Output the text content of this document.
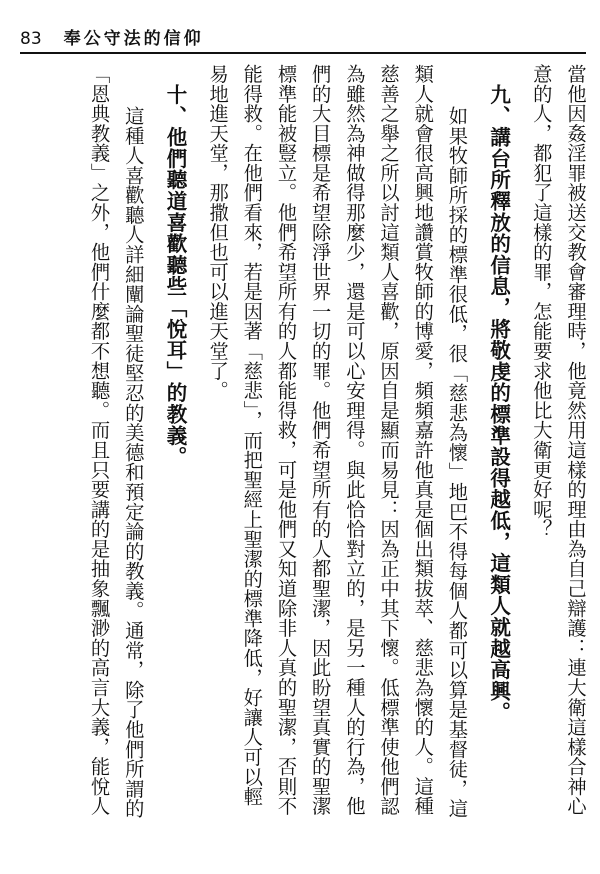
83 奉公守法的信仰
當他因姦淫罪被送交教會審理時，他竟然用這樣的理由為自己辯護：連大衛這樣合神心
意的人，都犯了這樣的罪，怎能要求他比大衛更好呢？
九、講台所釋放的信息，將敬虔的標準設得越低，這類人就越高興。
如果牧師所採的標準很低，很「慈悲為懷」地巴不得每個人都可以算是基督徒，這
類人就會很高興地讚賞牧師的博愛，頻頻嘉許他真是個出類拔萃、慈悲為懷的人。這種
慈善之舉之所以討這類人喜歡，原因自是顯而易見：因為正中其下懷。低標準使他們認
為雖然為神做得那麼少，還是可以心安理得。與此恰恰對立的，是另一種人的行為，他
們的大目標是希望除淨世界一切的罪。他們希望所有的人都聖潔，因此盼望真實的聖潔
標準能被豎立。他們希望所有的人都能得救，可是他們又知道除非人真的聖潔，否則不
能得救。在他們看來，若是因著「慈悲」，而把聖經上聖潔的標準降低，好讓人可以輕
易地進天堂，那撒但也可以進天堂了。
十、他們聽道喜歡聽些「悅耳」的教義。
這種人喜歡聽人詳細闡論聖徒堅忍的美德和預定論的教義。通常，除了他們所謂的
「恩典教義」之外，他們什麼都不想聽。而且只要講的是抽象飄渺的高言大義，能悅人
